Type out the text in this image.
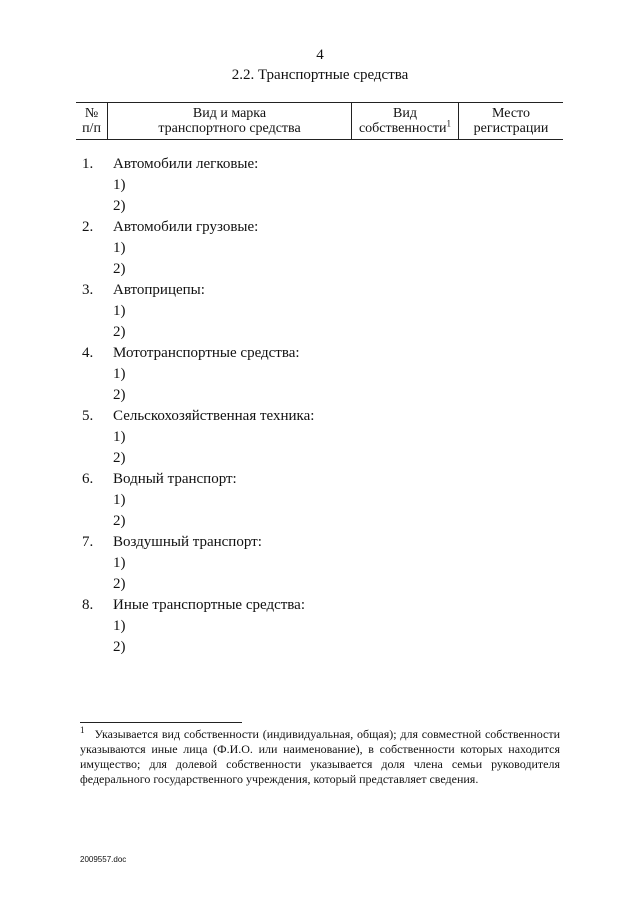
4
2.2. Транспортные средства
№
п/п
Вид и марка
транспортного средства
Вид
собственности$^1$
Место
регистрации
1. Автомобили легковые:
1)
2)
2. Автомобили грузовые:
1)
2)
3. Автоприцепы:
1)
2)
4. Мототранспортные средства:
1)
2)
5. Сельскохозяйственная техника:
1)
2)
6. Водный транспорт:
1)
2)
7. Воздушный транспорт:
1)
2)
8. Иные транспортные средства:
1)
2)
$^1$ Указывается вид собственности (индивидуальная, общая); для совместной собственности указываются иные лица (Ф.И.О. или наименование), в собственности которых находится имущество; для долевой собственности указывается доля члена семьи руководителя федерального государственного учреждения, который представляет сведения.
2009557.doc
